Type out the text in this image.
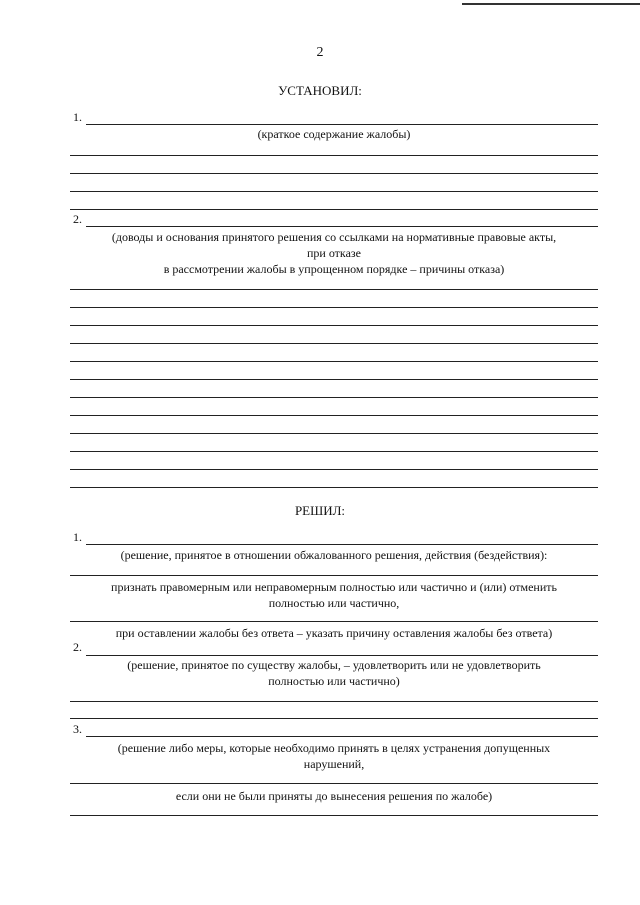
2
УСТАНОВИЛ:
1.
(краткое содержание жалобы)
2.
(доводы и основания принятого решения со ссылками на нормативные правовые акты,
при отказе
в рассмотрении жалобы в упрощенном порядке – причины отказа)
РЕШИЛ:
1.
(решение, принятое в отношении обжалованного решения, действия (бездействия):
признать правомерным или неправомерным полностью или частично и (или) отменить
полностью или частично,
при оставлении жалобы без ответа – указать причину оставления жалобы без ответа)
2.
(решение, принятое по существу жалобы, – удовлетворить или не удовлетворить
полностью или частично)
3.
(решение либо меры, которые необходимо принять в целях устранения допущенных
нарушений,
если они не были приняты до вынесения решения по жалобе)
